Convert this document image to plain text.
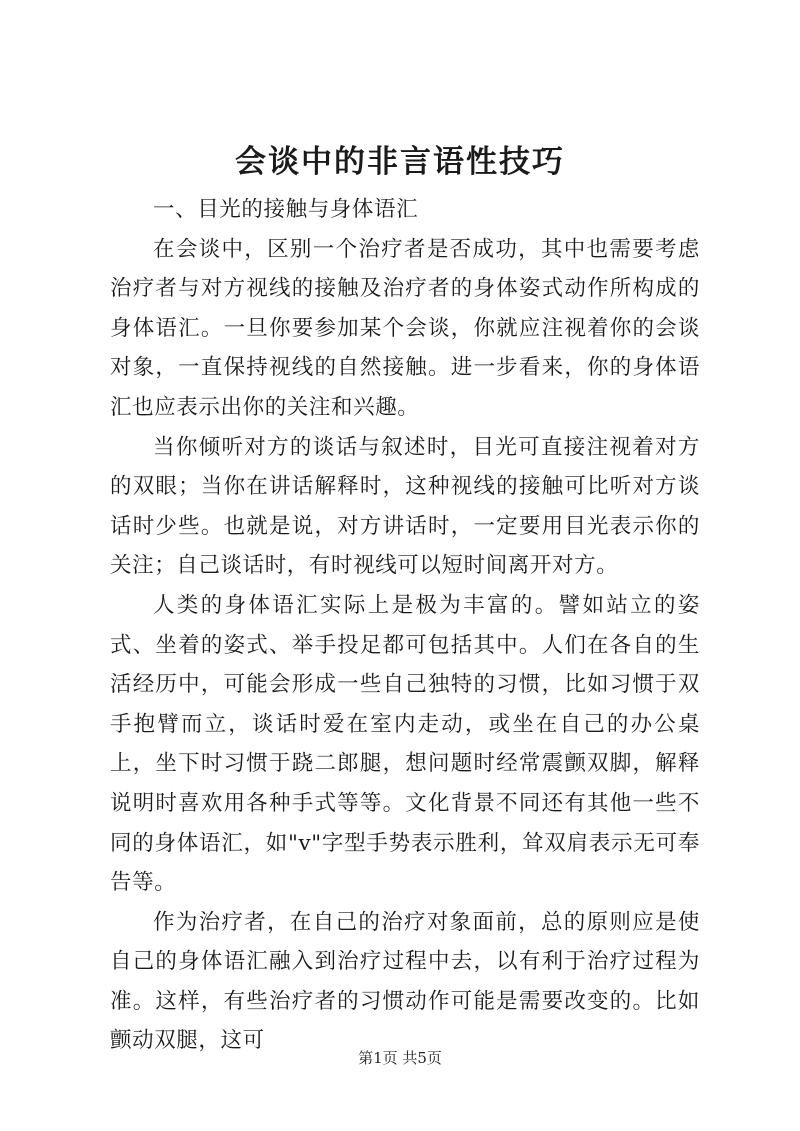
会谈中的非言语性技巧

一、目光的接触与身体语汇

在会谈中，区别一个治疗者是否成功，其中也需要考虑治疗者与对方视线的接触及治疗者的身体姿式动作所构成的身体语汇。一旦你要参加某个会谈，你就应注视着你的会谈对象，一直保持视线的自然接触。进一步看来，你的身体语汇也应表示出你的关注和兴趣。

当你倾听对方的谈话与叙述时，目光可直接注视着对方的双眼；当你在讲话解释时，这种视线的接触可比听对方谈话时少些。也就是说，对方讲话时，一定要用目光表示你的关注；自己谈话时，有时视线可以短时间离开对方。

人类的身体语汇实际上是极为丰富的。譬如站立的姿式、坐着的姿式、举手投足都可包括其中。人们在各自的生活经历中，可能会形成一些自己独特的习惯，比如习惯于双手抱臂而立，谈话时爱在室内走动，或坐在自己的办公桌上，坐下时习惯于跷二郎腿，想问题时经常震颤双脚，解释说明时喜欢用各种手式等等。文化背景不同还有其他一些不同的身体语汇，如"v"字型手势表示胜利，耸双肩表示无可奉告等。

作为治疗者，在自己的治疗对象面前，总的原则应是使自己的身体语汇融入到治疗过程中去，以有利于治疗过程为准。这样，有些治疗者的习惯动作可能是需要改变的。比如颤动双腿，这可

第1页 共5页
